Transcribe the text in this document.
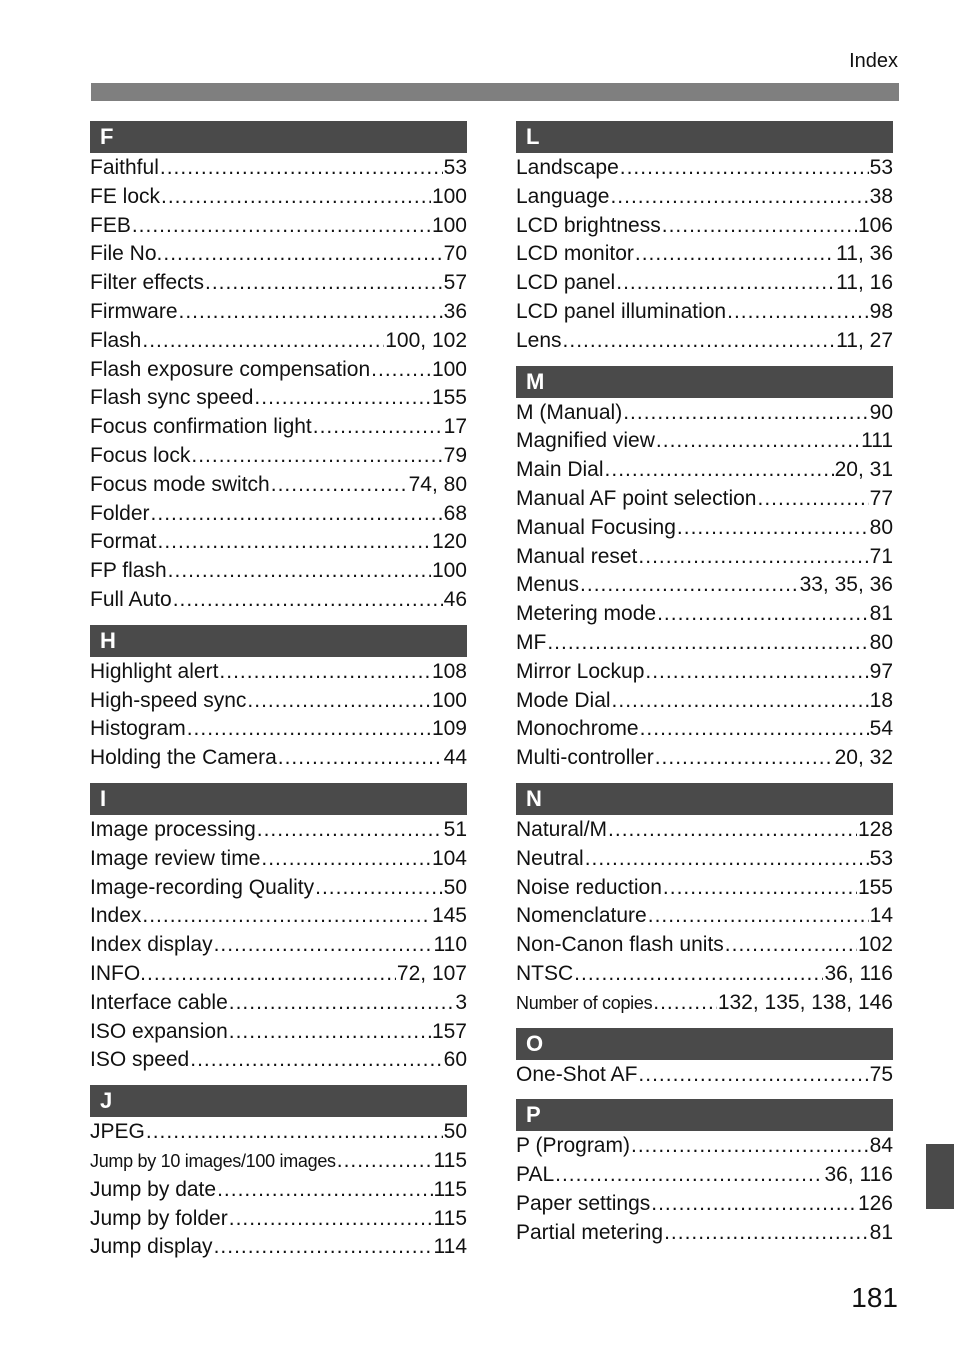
Index
F
Faithful .....	53
FE lock .....	100
FEB .....	100
File No. .....	70
Filter effects .....	57
Firmware .....	36
Flash .....	100, 102
Flash exposure compensation .....	100
Flash sync speed .....	155
Focus confirmation light .....	17
Focus lock .....	79
Focus mode switch .....	74, 80
Folder .....	68
Format .....	120
FP flash .....	100
Full Auto .....	46
H
Highlight alert .....	108
High-speed sync .....	100
Histogram .....	109
Holding the Camera .....	44
I
Image processing .....	51
Image review time .....	104
Image-recording Quality .....	50
Index .....	145
Index display .....	110
INFO. .....	72, 107
Interface cable .....	3
ISO expansion .....	157
ISO speed .....	60
J
JPEG .....	50
Jump by 10 images/100 images .....	115
Jump by date .....	115
Jump by folder .....	115
Jump display .....	114
L
Landscape .....	53
Language .....	38
LCD brightness .....	106
LCD monitor .....	11, 36
LCD panel .....	11, 16
LCD panel illumination .....	98
Lens .....	11, 27
M
M (Manual) .....	90
Magnified view .....	111
Main Dial .....	20, 31
Manual AF point selection .....	77
Manual Focusing .....	80
Manual reset .....	71
Menus .....	33, 35, 36
Metering mode .....	81
MF .....	80
Mirror Lockup .....	97
Mode Dial .....	18
Monochrome .....	54
Multi-controller .....	20, 32
N
Natural/M .....	128
Neutral .....	53
Noise reduction .....	155
Nomenclature .....	14
Non-Canon flash units .....	102
NTSC .....	36, 116
Number of copies .....	132, 135, 138, 146
O
One-Shot AF .....	75
P
P (Program) .....	84
PAL .....	36, 116
Paper settings .....	126
Partial metering .....	81
181
